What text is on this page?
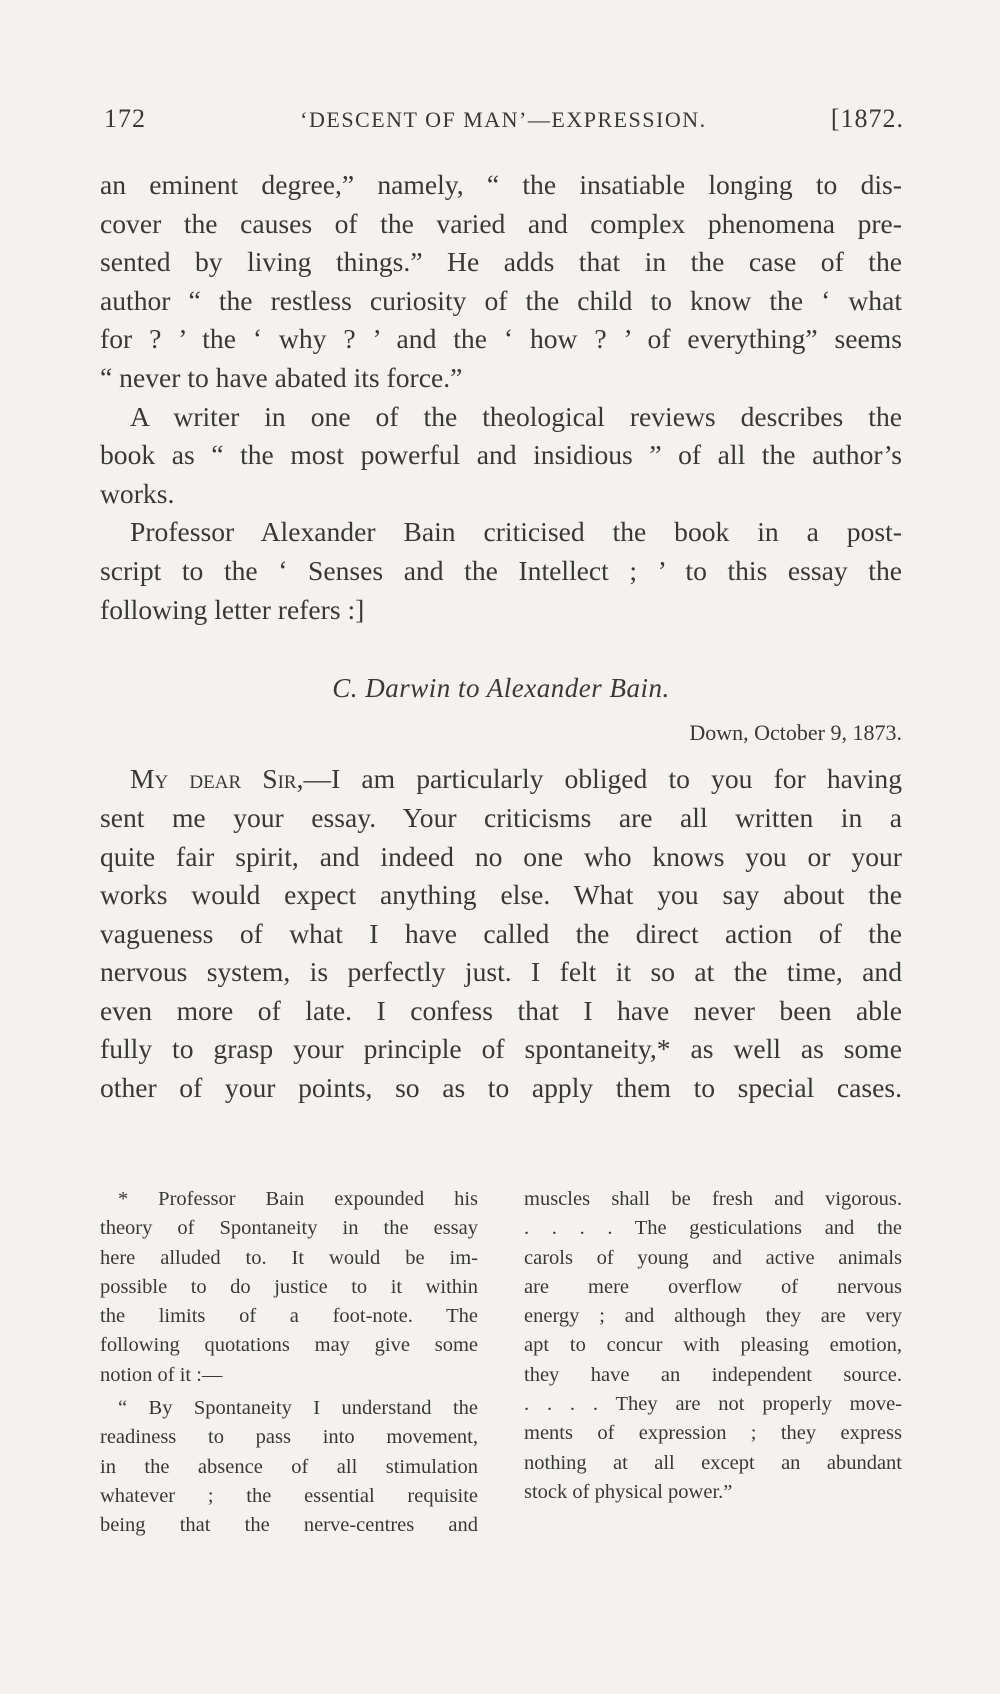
172	‘DESCENT OF MAN’—EXPRESSION.	[1872.

an eminent degree,” namely, “ the insatiable longing to dis-
cover the causes of the varied and complex phenomena pre-
sented by living things.” He adds that in the case of the
author “ the restless curiosity of the child to know the ‘ what
for ? ’ the ‘ why ? ’ and the ‘ how ? ’ of everything” seems
“ never to have abated its force.”

A writer in one of the theological reviews describes the
book as “ the most powerful and insidious ” of all the author’s
works.

Professor Alexander Bain criticised the book in a post-
script to the ‘ Senses and the Intellect ; ’ to this essay the
following letter refers :]

C. Darwin to Alexander Bain.
Down, October 9, 1873.

My dear Sir,—I am particularly obliged to you for having
sent me your essay. Your criticisms are all written in a
quite fair spirit, and indeed no one who knows you or your
works would expect anything else. What you say about the
vagueness of what I have called the direct action of the
nervous system, is perfectly just. I felt it so at the time, and
even more of late. I confess that I have never been able
fully to grasp your principle of spontaneity,* as well as some
other of your points, so as to apply them to special cases.

* Professor Bain expounded his
theory of Spontaneity in the essay
here alluded to. It would be im-
possible to do justice to it within
the limits of a foot-note. The
following quotations may give some
notion of it :—

“ By Spontaneity I understand the
readiness to pass into movement,
in the absence of all stimulation
whatever ; the essential requisite
being that the nerve-centres and

muscles shall be fresh and vigorous.
. . . . The gesticulations and the
carols of young and active animals
are mere overflow of nervous
energy ; and although they are very
apt to concur with pleasing emotion,
they have an independent source.
. . . . They are not properly move-
ments of expression ; they express
nothing at all except an abundant
stock of physical power.”
